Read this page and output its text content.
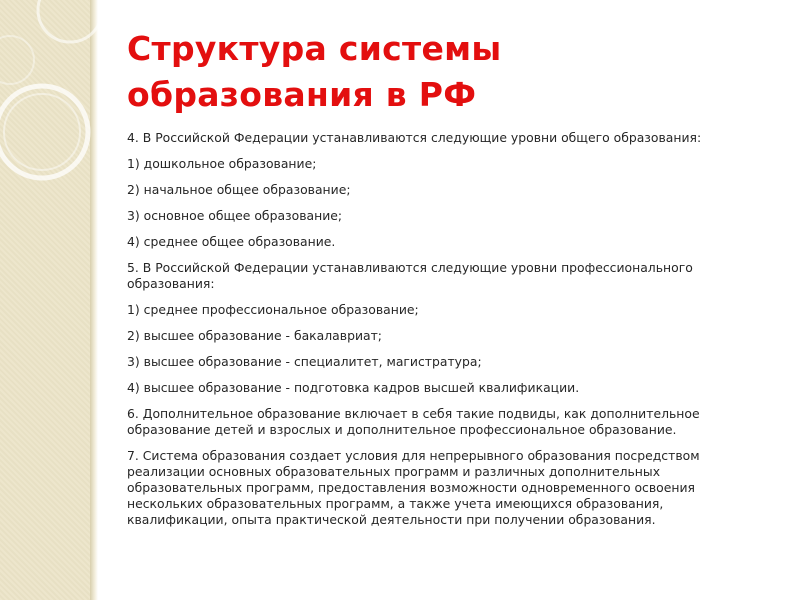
Структура системы
образования в РФ

4. В Российской Федерации устанавливаются следующие уровни общего образования:

1) дошкольное образование;

2) начальное общее образование;

3) основное общее образование;

4) среднее общее образование.

5. В Российской Федерации устанавливаются следующие уровни профессионального образования:

1) среднее профессиональное образование;

2) высшее образование - бакалавриат;

3) высшее образование - специалитет, магистратура;

4) высшее образование - подготовка кадров высшей квалификации.

6. Дополнительное образование включает в себя такие подвиды, как дополнительное образование детей и взрослых и дополнительное профессиональное образование.

7. Система образования создает условия для непрерывного образования посредством реализации основных образовательных программ и различных дополнительных образовательных программ, предоставления возможности одновременного освоения нескольких образовательных программ, а также учета имеющихся образования, квалификации, опыта практической деятельности при получении образования.
